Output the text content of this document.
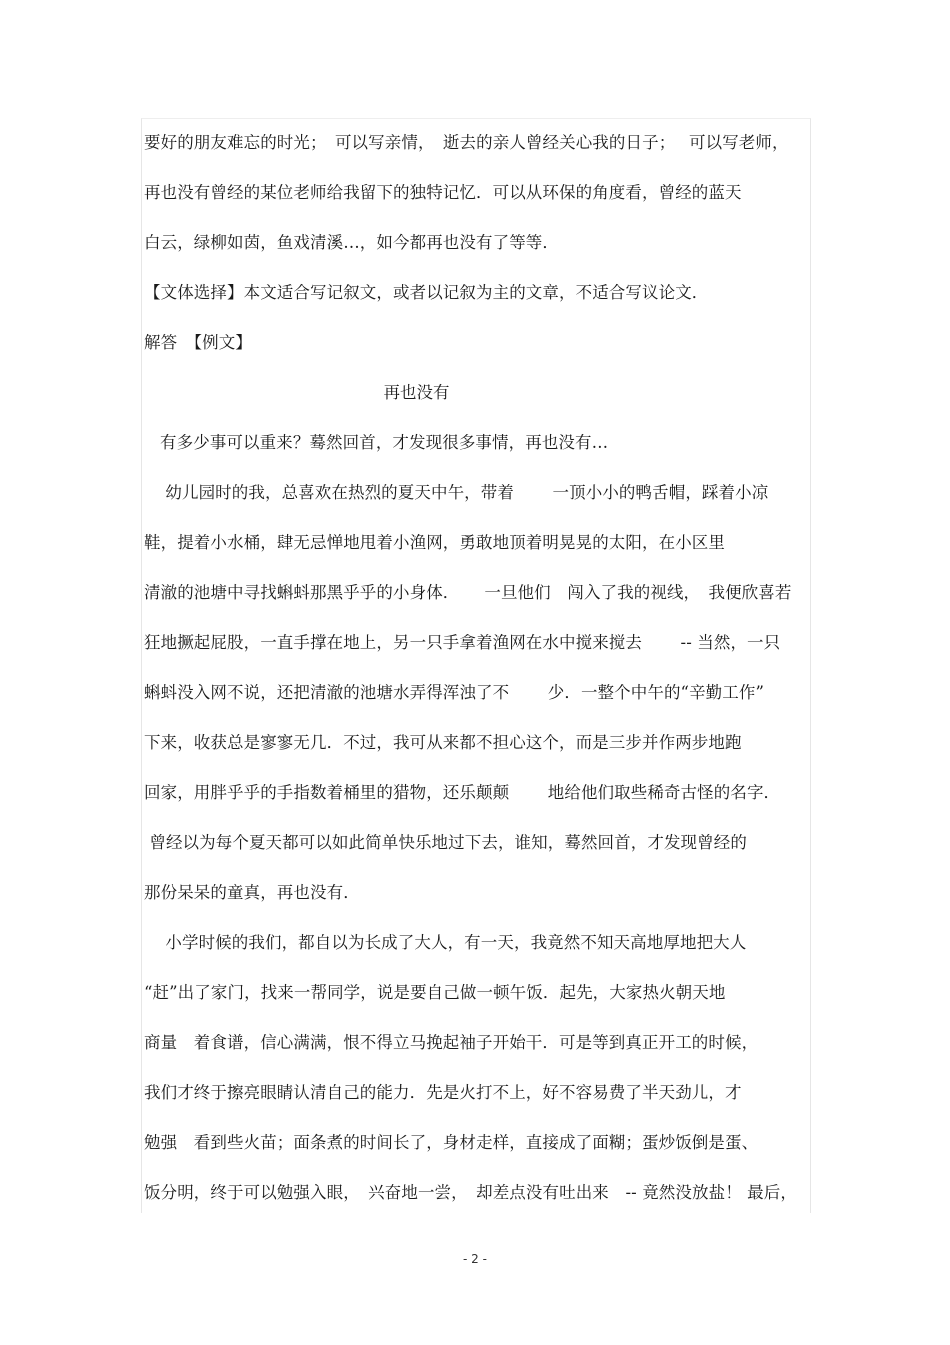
要好的朋友难忘的时光；　可以写亲情，　逝去的亲人曾经关心我的日子；　 可以写老师，
再也没有曾经的某位老师给我留下的独特记忆．可以从环保的角度看，曾经的蓝天
白云，绿柳如茵，鱼戏清溪…，如今都再也没有了等等．
【文体选择】本文适合写记叙文，或者以记叙为主的文章，不适合写议论文．
解答　【例文】
再也没有
有多少事可以重来？蓦然回首，才发现很多事情，再也没有…
幼儿园时的我，总喜欢在热烈的夏天中午，带着　　 一顶小小的鸭舌帽，踩着小凉
鞋，提着小水桶，肆无忌惮地甩着小渔网，勇敢地顶着明晃晃的太阳，在小区里
清澈的池塘中寻找蝌蚪那黑乎乎的小身体．　　一旦他们　闯入了我的视线，　我便欣喜若
狂地撅起屁股，一直手撑在地上，另一只手拿着渔网在水中搅来搅去　　 -- 当然，一只
蝌蚪没入网不说，还把清澈的池塘水弄得浑浊了不　　 少．一整个中午的“辛勤工作”
下来，收获总是寥寥无几．不过，我可从来都不担心这个，而是三步并作两步地跑
回家，用胖乎乎的手指数着桶里的猎物，还乐颠颠　　 地给他们取些稀奇古怪的名字．
曾经以为每个夏天都可以如此简单快乐地过下去，谁知，蓦然回首，才发现曾经的
那份呆呆的童真，再也没有．
小学时候的我们，都自以为长成了大人，有一天，我竟然不知天高地厚地把大人
“赶”出了家门，找来一帮同学，说是要自己做一顿午饭．起先，大家热火朝天地
商量　着食谱，信心满满，恨不得立马挽起袖子开始干．可是等到真正开工的时候，
我们才终于擦亮眼睛认清自己的能力．先是火打不上，好不容易费了半天劲儿，才
勉强　看到些火苗；面条煮的时间长了，身材走样，直接成了面糊；蛋炒饭倒是蛋、
饭分明，终于可以勉强入眼，　兴奋地一尝，　却差点没有吐出来　-- 竟然没放盐！ 最后，
- 2 -
